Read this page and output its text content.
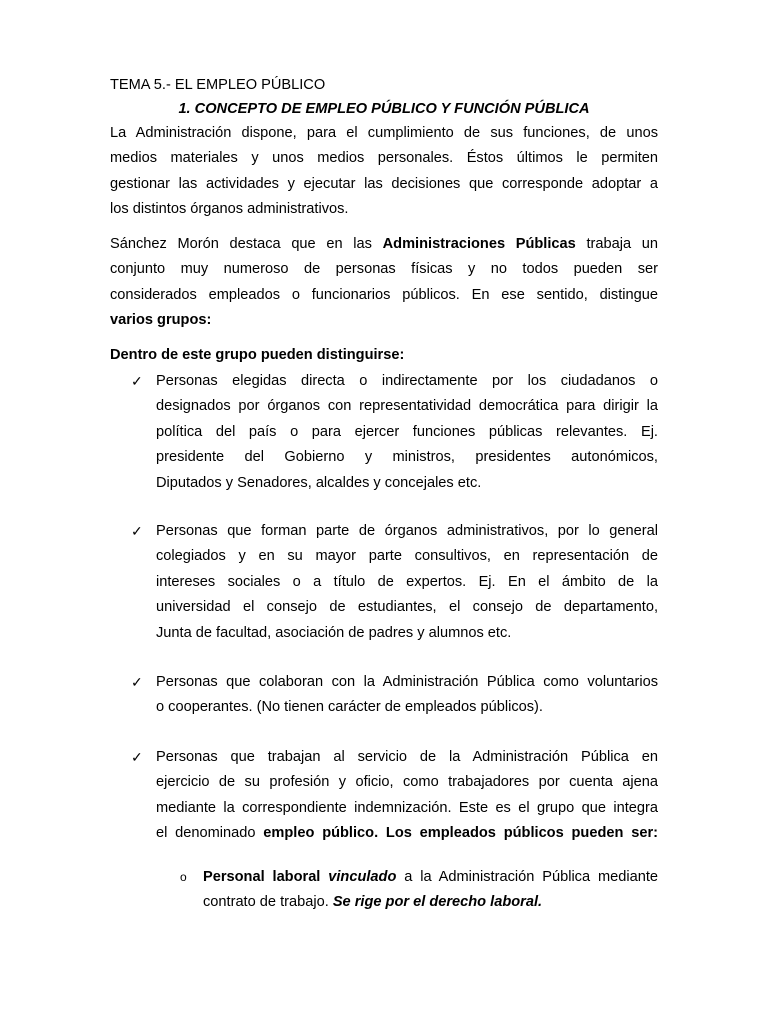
TEMA 5.- EL EMPLEO PÚBLICO
1. CONCEPTO DE EMPLEO PÚBLICO Y FUNCIÓN PÚBLICA
La Administración dispone, para el cumplimiento de sus funciones, de unos
medios materiales y unos medios personales. Éstos últimos le permiten
gestionar las actividades y ejecutar las decisiones que corresponde adoptar a
los distintos órganos administrativos.
Sánchez Morón destaca que en las Administraciones Públicas trabaja un
conjunto muy numeroso de personas físicas y no todos pueden ser
considerados empleados o funcionarios públicos. En ese sentido, distingue
varios grupos:
Dentro de este grupo pueden distinguirse:
✓ Personas elegidas directa o indirectamente por los ciudadanos o
designados por órganos con representatividad democrática para dirigir la
política del país o para ejercer funciones públicas relevantes. Ej.
presidente del Gobierno y ministros, presidentes autonómicos,
Diputados y Senadores, alcaldes y concejales etc.
✓ Personas que forman parte de órganos administrativos, por lo general
colegiados y en su mayor parte consultivos, en representación de
intereses sociales o a título de expertos. Ej. En el ámbito de la
universidad el consejo de estudiantes, el consejo de departamento,
Junta de facultad, asociación de padres y alumnos etc.
✓ Personas que colaboran con la Administración Pública como voluntarios
o cooperantes. (No tienen carácter de empleados públicos).
✓ Personas que trabajan al servicio de la Administración Pública en
ejercicio de su profesión y oficio, como trabajadores por cuenta ajena
mediante la correspondiente indemnización. Este es el grupo que integra
el denominado empleo público. Los empleados públicos pueden ser:
o Personal laboral vinculado a la Administración Pública mediante
contrato de trabajo. Se rige por el derecho laboral.
